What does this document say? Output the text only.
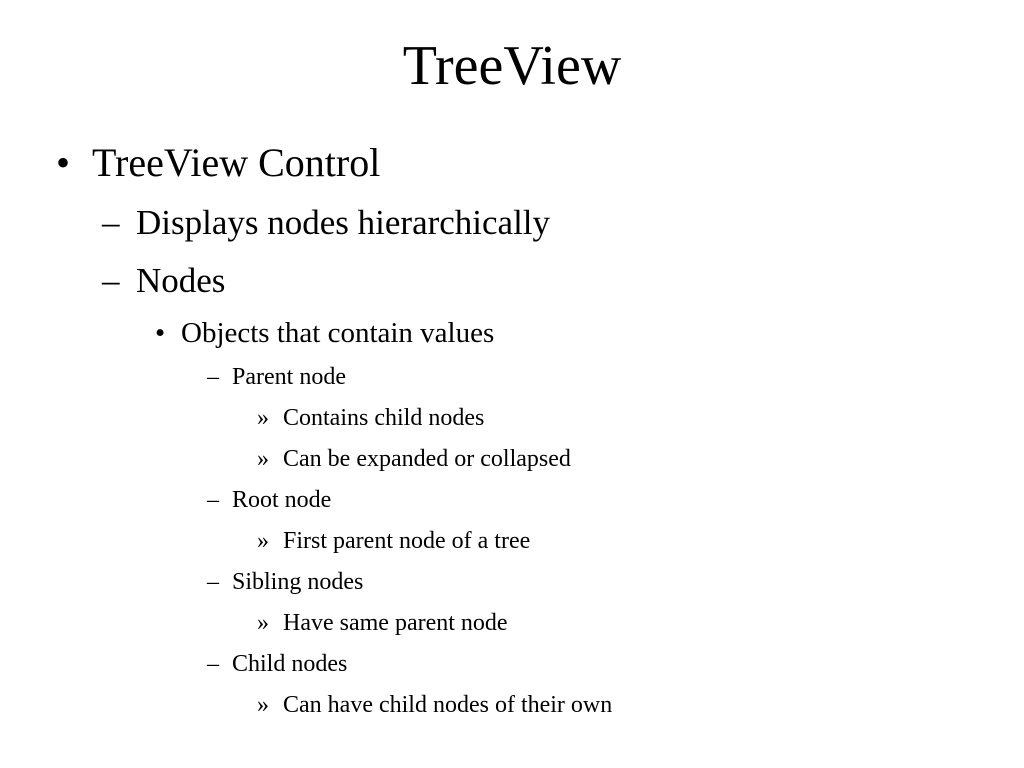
TreeView
• TreeView Control
– Displays nodes hierarchically
– Nodes
• Objects that contain values
– Parent node
» Contains child nodes
» Can be expanded or collapsed
– Root node
» First parent node of a tree
– Sibling nodes
» Have same parent node
– Child nodes
» Can have child nodes of their own
